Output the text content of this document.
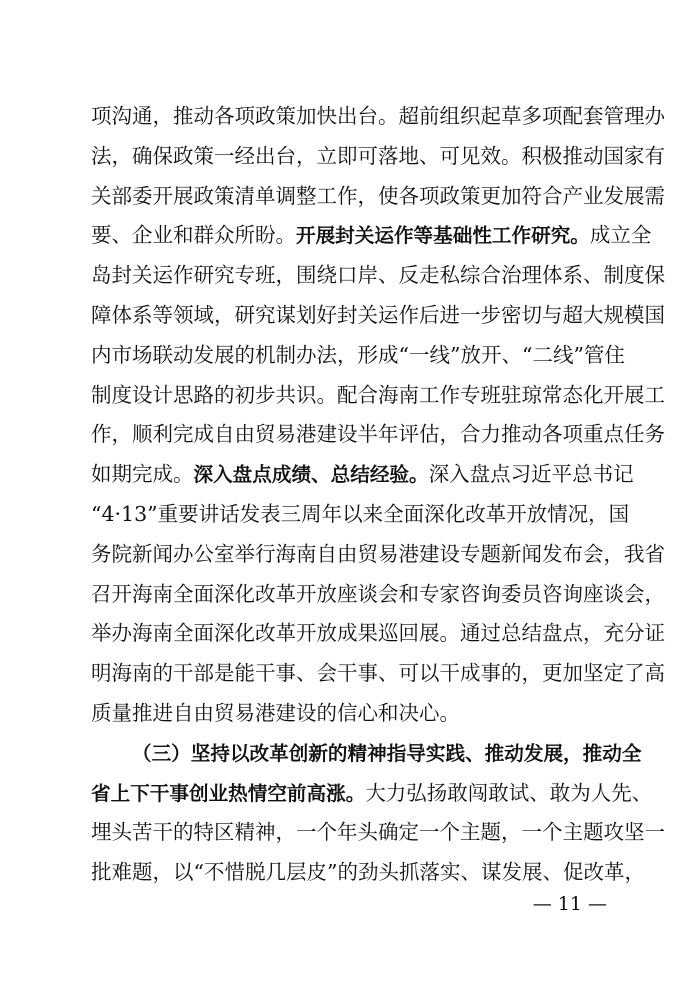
项沟通，推动各项政策加快出台。超前组织起草多项配套管理办
法，确保政策一经出台，立即可落地、可见效。积极推动国家有
关部委开展政策清单调整工作，使各项政策更加符合产业发展需
要、企业和群众所盼。开展封关运作等基础性工作研究。成立全
岛封关运作研究专班，围绕口岸、反走私综合治理体系、制度保
障体系等领域，研究谋划好封关运作后进一步密切与超大规模国
内市场联动发展的机制办法，形成“一线”放开、“二线”管住
制度设计思路的初步共识。配合海南工作专班驻琼常态化开展工
作，顺利完成自由贸易港建设半年评估，合力推动各项重点任务
如期完成。深入盘点成绩、总结经验。深入盘点习近平总书记
“4·13”重要讲话发表三周年以来全面深化改革开放情况，国
务院新闻办公室举行海南自由贸易港建设专题新闻发布会，我省
召开海南全面深化改革开放座谈会和专家咨询委员咨询座谈会，
举办海南全面深化改革开放成果巡回展。通过总结盘点，充分证
明海南的干部是能干事、会干事、可以干成事的，更加坚定了高
质量推进自由贸易港建设的信心和决心。
（三）坚持以改革创新的精神指导实践、推动发展，推动全
省上下干事创业热情空前高涨。大力弘扬敢闯敢试、敢为人先、
埋头苦干的特区精神，一个年头确定一个主题，一个主题攻坚一
批难题，以“不惜脱几层皮”的劲头抓落实、谋发展、促改革，
— 11 —
